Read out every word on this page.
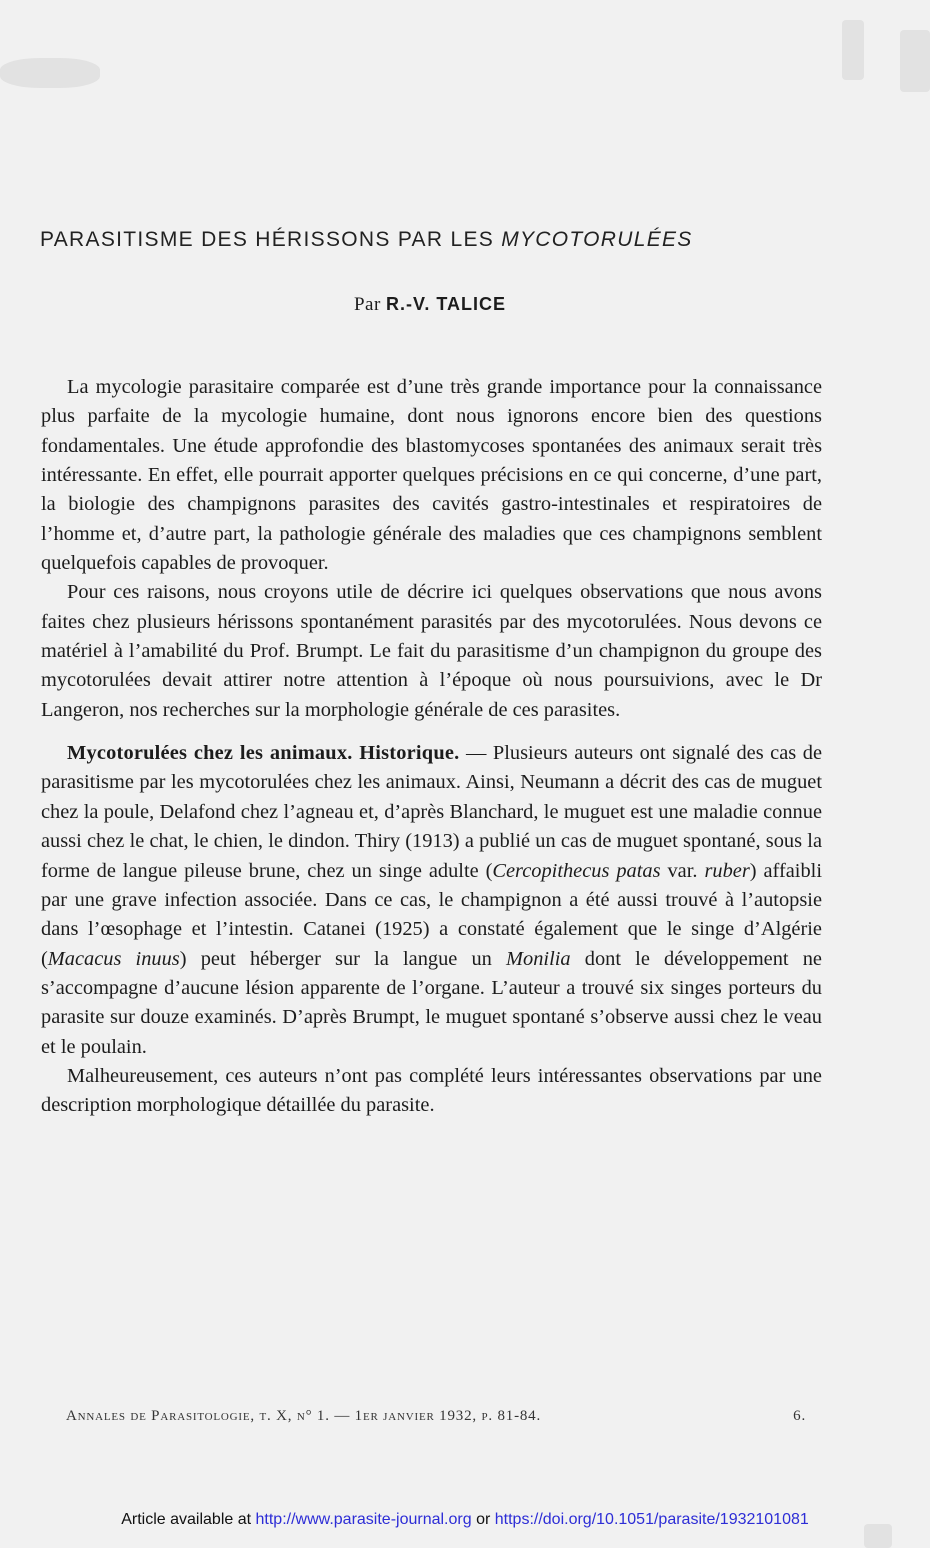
PARASITISME DES HÉRISSONS PAR LES MYCOTORULÉES
Par R.-V. TALICE

La mycologie parasitaire comparée est d’une très grande importance pour la connaissance plus parfaite de la mycologie humaine, dont nous ignorons encore bien des questions fondamentales. Une étude approfondie des blastomycoses spontanées des animaux serait très intéressante. En effet, elle pourrait apporter quelques précisions en ce qui concerne, d’une part, la biologie des champignons parasites des cavités gastro-intestinales et respiratoires de l’homme et, d’autre part, la pathologie générale des maladies que ces champignons semblent quelquefois capables de provoquer.

Pour ces raisons, nous croyons utile de décrire ici quelques observations que nous avons faites chez plusieurs hérissons spontanément parasités par des mycotorulées. Nous devons ce matériel à l’amabilité du Prof. Brumpt. Le fait du parasitisme d’un champignon du groupe des mycotorulées devait attirer notre attention à l’époque où nous poursuivions, avec le Dr Langeron, nos recherches sur la morphologie générale de ces parasites.

Mycotorulées chez les animaux. Historique. — Plusieurs auteurs ont signalé des cas de parasitisme par les mycotorulées chez les animaux. Ainsi, Neumann a décrit des cas de muguet chez la poule, Delafond chez l’agneau et, d’après Blanchard, le muguet est une maladie connue aussi chez le chat, le chien, le dindon. Thiry (1913) a publié un cas de muguet spontané, sous la forme de langue pileuse brune, chez un singe adulte (Cercopithecus patas var. ruber) affaibli par une grave infection associée. Dans ce cas, le champignon a été aussi trouvé à l’autopsie dans l’œsophage et l’intestin. Catanei (1925) a constaté également que le singe d’Algérie (Macacus inuus) peut héberger sur la langue un Monilia dont le développement ne s’accompagne d’aucune lésion apparente de l’organe. L’auteur a trouvé six singes porteurs du parasite sur douze examinés. D’après Brumpt, le muguet spontané s’observe aussi chez le veau et le poulain.

Malheureusement, ces auteurs n’ont pas complété leurs intéressantes observations par une description morphologique détaillée du parasite.

Annales de Parasitologie, t. X, n° 1. — 1er janvier 1932, p. 81-84.	6.
Article available at http://www.parasite-journal.org or https://doi.org/10.1051/parasite/1932101081
